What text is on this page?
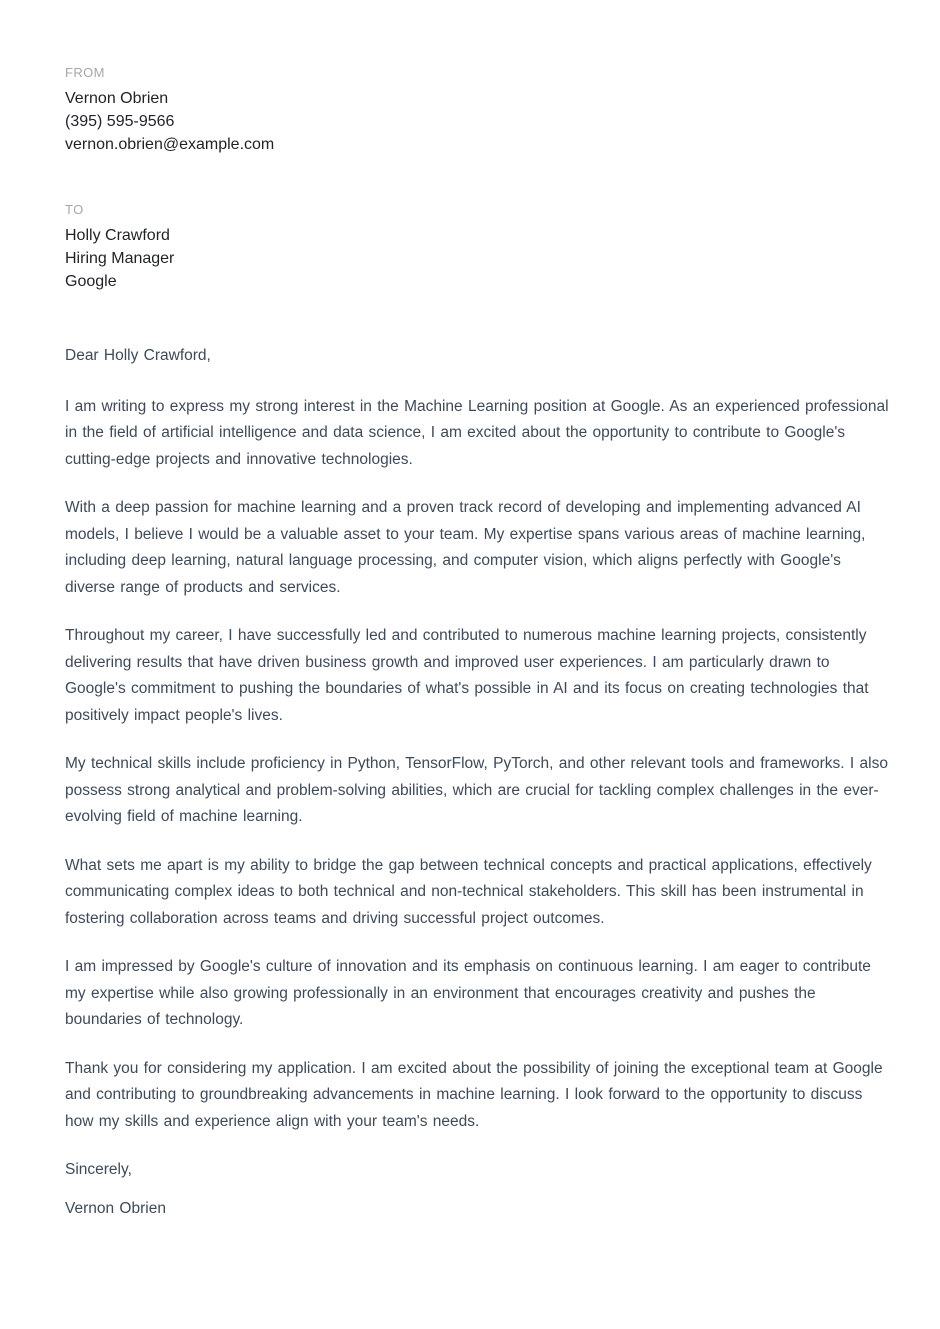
FROM
Vernon Obrien
(395) 595-9566
vernon.obrien@example.com
TO
Holly Crawford
Hiring Manager
Google

Dear Holly Crawford,

I am writing to express my strong interest in the Machine Learning position at Google. As an experienced professional in the field of artificial intelligence and data science, I am excited about the opportunity to contribute to Google's cutting-edge projects and innovative technologies.

With a deep passion for machine learning and a proven track record of developing and implementing advanced AI models, I believe I would be a valuable asset to your team. My expertise spans various areas of machine learning, including deep learning, natural language processing, and computer vision, which aligns perfectly with Google's diverse range of products and services.

Throughout my career, I have successfully led and contributed to numerous machine learning projects, consistently delivering results that have driven business growth and improved user experiences. I am particularly drawn to Google's commitment to pushing the boundaries of what's possible in AI and its focus on creating technologies that positively impact people's lives.

My technical skills include proficiency in Python, TensorFlow, PyTorch, and other relevant tools and frameworks. I also possess strong analytical and problem-solving abilities, which are crucial for tackling complex challenges in the ever-evolving field of machine learning.

What sets me apart is my ability to bridge the gap between technical concepts and practical applications, effectively communicating complex ideas to both technical and non-technical stakeholders. This skill has been instrumental in fostering collaboration across teams and driving successful project outcomes.

I am impressed by Google's culture of innovation and its emphasis on continuous learning. I am eager to contribute my expertise while also growing professionally in an environment that encourages creativity and pushes the boundaries of technology.

Thank you for considering my application. I am excited about the possibility of joining the exceptional team at Google and contributing to groundbreaking advancements in machine learning. I look forward to the opportunity to discuss how my skills and experience align with your team's needs.

Sincerely,

Vernon Obrien
